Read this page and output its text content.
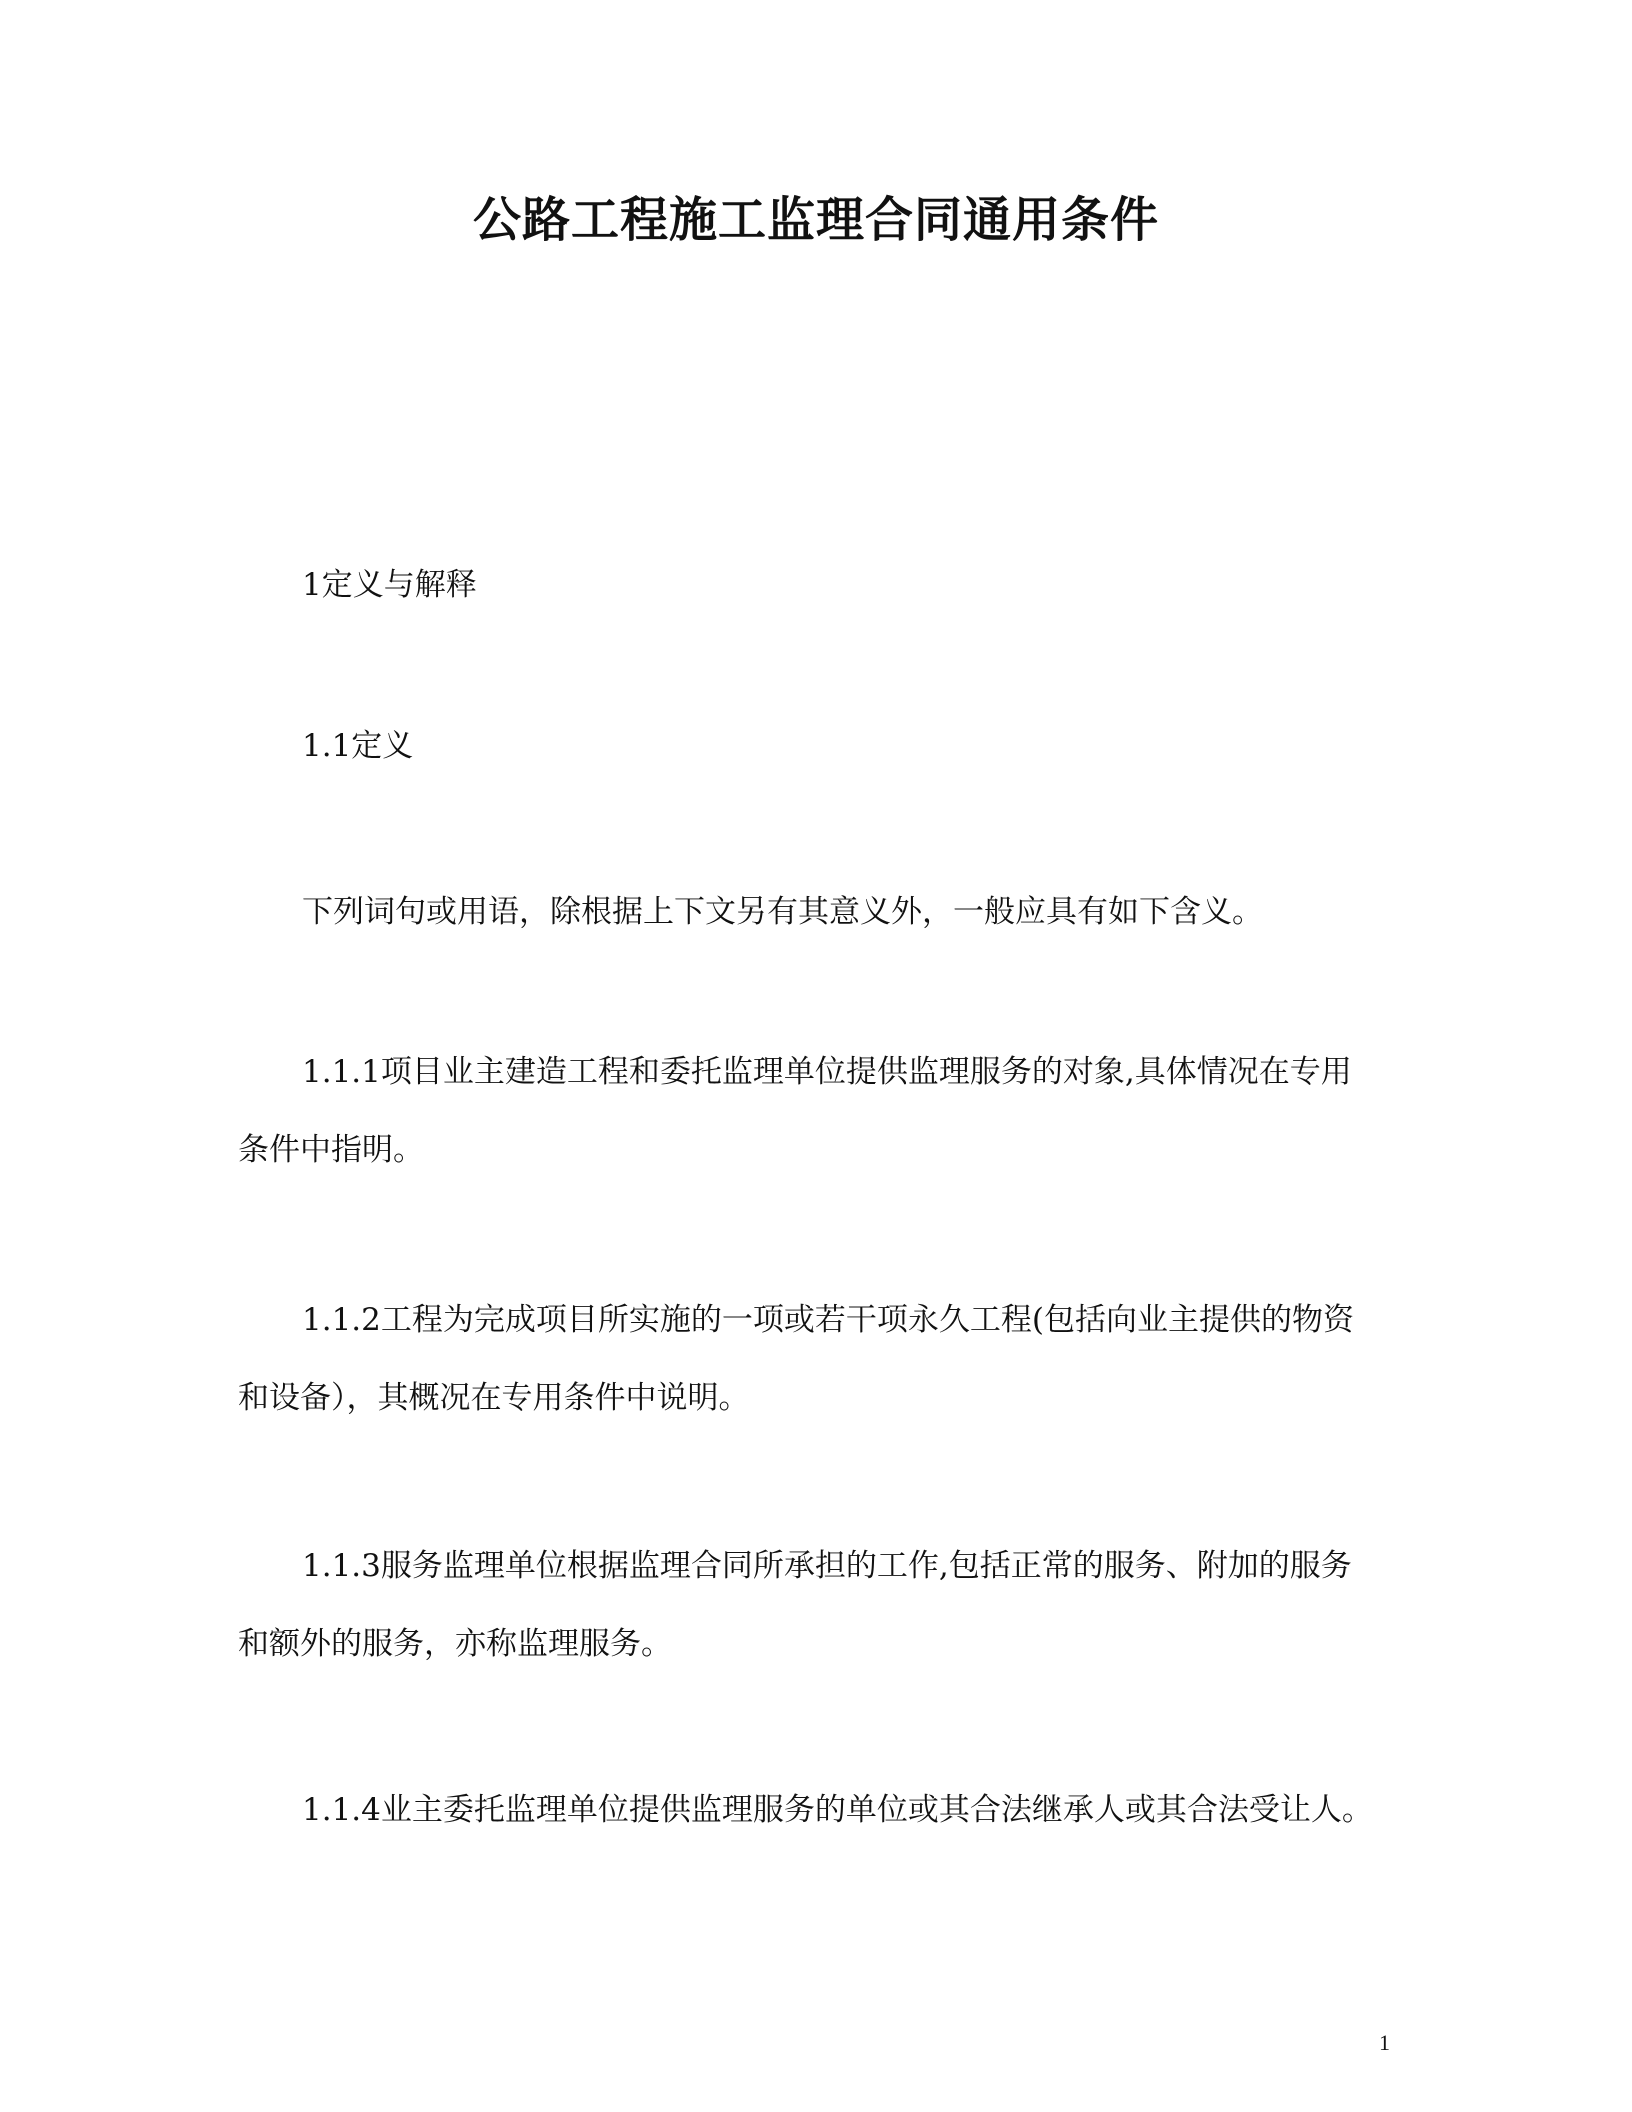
公路工程施工监理合同通用条件

1定义与解释

1.1定义

下列词句或用语，除根据上下文另有其意义外，一般应具有如下含义。

1.1.1项目业主建造工程和委托监理单位提供监理服务的对象,具体情况在专用

条件中指明。

1.1.2工程为完成项目所实施的一项或若干项永久工程(包括向业主提供的物资

和设备），其概况在专用条件中说明。

1.1.3服务监理单位根据监理合同所承担的工作,包括正常的服务、附加的服务

和额外的服务，亦称监理服务。

1.1.4业主委托监理单位提供监理服务的单位或其合法继承人或其合法受让人。

1
